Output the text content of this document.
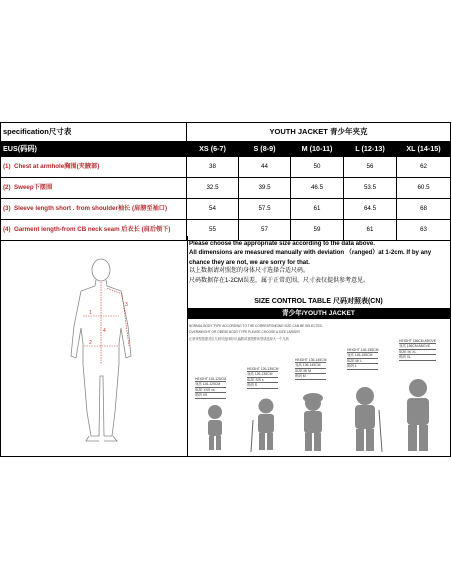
specification尺寸表	YOUTH JACKET 青少年夹克				
EUS(码码)	XS (6-7)	S (8-9)	M (10-11)	L (12-13)	XL (14-15)
(1) Chest at armhole胸围(夹腋部)	38	44	50	56	62
(2) Sweep下摆围	32.5	39.5	46.5	53.5	60.5
(3) Sleeve length short . from shoulder袖长 (肩膀至袖口)	54	57.5	61	64.5	68
(4) Garment length-from CB neck seam 后衣长 (肩后领下)	55	57	59	61	63
1
2
3
4
Please choose the appropriate size according to the data above.
All dimensions are measured manually with deviation （ranged）at 1-2cm. If by any
chance they are not, we are sorry for that.
以上数据请对照您的身体尺寸选择合适尺码。
尺码数据存在1-2CM误差，属于正常范围，尺寸表仅提供参考意见。
SIZE CONTROL TABLE 尺码对照表(CN)
青少年/YOUTH JACKET
NORMAL BODY TYPE ACCORDING TO THE CORRESPONDING SIZE CAN BE SELECTED,
OVERWEIGHT OR OBESE BODY TYPE PLEASE CHOOSE A SIZE LARGER
正常体型按照对应尺码可选择即可,偏胖或者肥胖体型请选择大一个尺码
HEIGHT 116-125CM
身高 116-125CM
SIZE XXS xs
码码 XS
HEIGHT 126-135CM
身高 126-135CM
SIZE S/S s
码码 S
HEIGHT 136-145CM
身高 136-145CM
SIZE M/ M
码码 M
HEIGHT 146-155CM
身高 146-155CM
SIZE M/ L
码码 L
HEIGHT 156CM ABOVE
身高 156CM ABOVE
SIZE M/ XL
码码 XL
